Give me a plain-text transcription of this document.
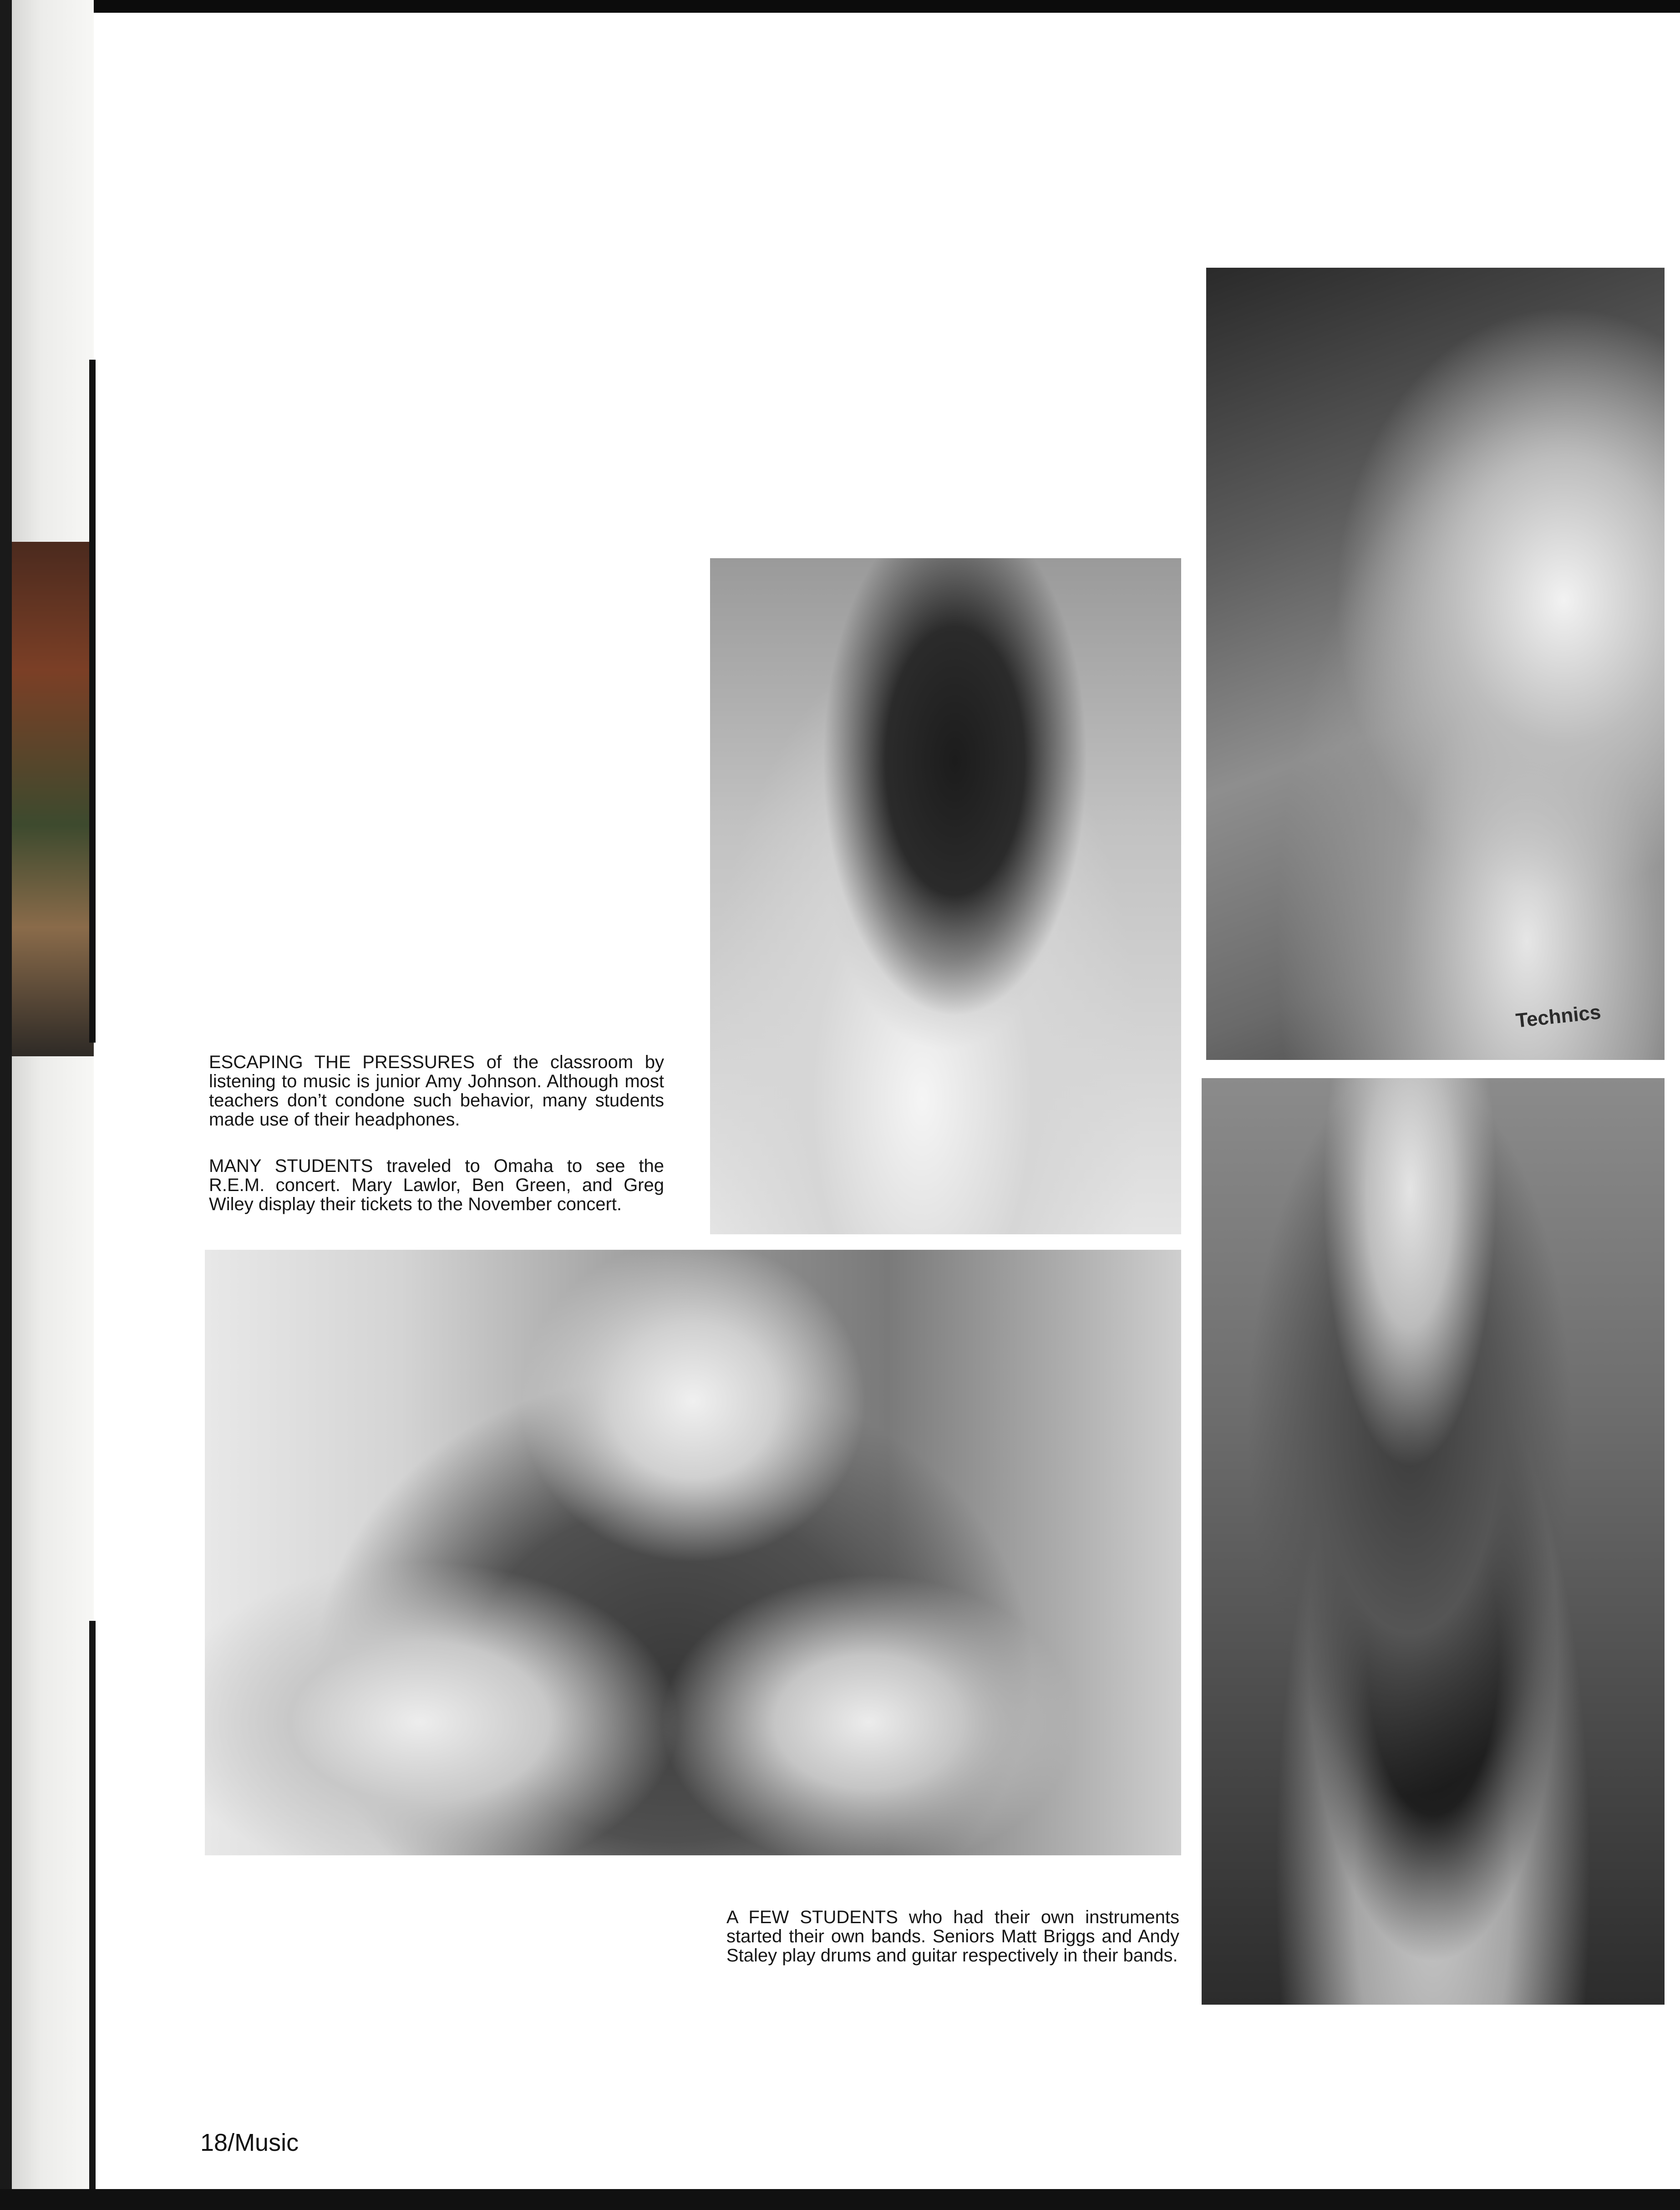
Technics

ESCAPING THE PRESSURES of the classroom by listening to music is junior Amy Johnson. Although most teachers don’t condone such behavior, many students made use of their headphones.

MANY STUDENTS traveled to Omaha to see the R.E.M. concert. Mary Lawlor, Ben Green, and Greg Wiley display their tickets to the November concert.

A FEW STUDENTS who had their own instruments started their own bands. Seniors Matt Briggs and Andy Staley play drums and guitar respectively in their bands.

18/Music
